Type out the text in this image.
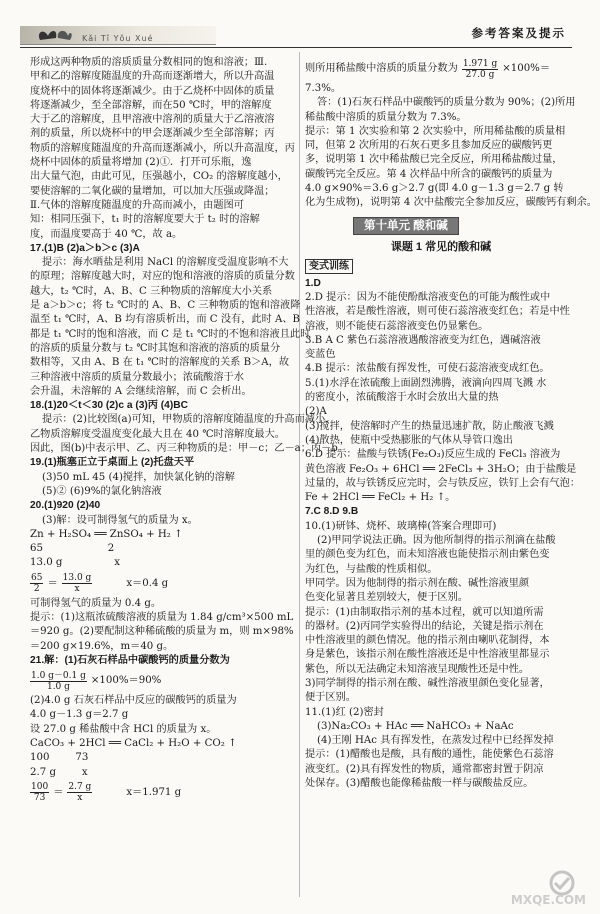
Kǎi Tǐ Yǒu Xué	参考答案及提示
形成这两种物质的溶质质量分数相同的饱和溶液；Ⅲ.
甲和乙的溶解度随温度的升高而逐渐增大，所以升高温
度烧杯中的固体将逐渐减少。由于乙烧杯中固体的质量
将逐渐减少，至全部溶解，而在50 ℃时，甲的溶解度
大于乙的溶解度，且甲溶液中溶剂的质量大于乙溶液溶
剂的质量，所以烧杯中的甲会逐渐减少至全部溶解；丙
物质的溶解度随温度的升高而逐渐减小，所以升高温度，丙
烧杯中固体的质量将增加 (2)①．打开可乐瓶，逸
出大量气泡，由此可见，压强越小，CO₂ 的溶解度越小，
要使溶解的二氧化碳的量增加，可以加大压强或降温；
Ⅱ.气体的溶解度随温度的升高而减小，由题图可
知：相同压强下，t₁ 时的溶解度要大于 t₂ 时的溶解
度，而温度要高于 40 ℃，故 a。
17.(1)B (2)a＞b＞c (3)A
提示：海水晒盐是利用 NaCl 的溶解度受温度影响不大
的原理；溶解度越大时，对应的饱和溶液的溶质的质量分数
越大，t₂ ℃时，A、B、C 三种物质的溶解度大小关系
是 a＞b＞c；将 t₂ ℃时的 A、B、C 三种物质的饱和溶液降
温至 t₁ ℃时，A、B 均有溶质析出，而 C 没有，此时 A、B
都是 t₁ ℃时的饱和溶液，而 C 是 t₁ ℃时的不饱和溶液且此时
的溶质的质量分数与 t₂ ℃时其饱和溶液的溶质的质量分
数相等，又由 A、B 在 t₁ ℃时的溶解度的关系 B＞A，故
三种溶液中溶质的质量分数最小；浓硫酸溶于水
会升温，未溶解的 A 会继续溶解，而 C 会析出。
18.(1)20＜t＜30 (2)c a (3)丙 (4)BC
提示：(2)比较图(a)可知，甲物质的溶解度随温度的升高而减小，
乙物质溶解度受温度变化最大且在 40 ℃时溶解度最大。
因此，图(b)中表示甲、乙、丙三种物质的是：甲－c；乙－a；丙－b。
19.(1)瓶塞正立于桌面上 (2)托盘天平
(3)50 mL 45 (4)搅拌，加快氯化钠的溶解
(5)② (6)9%的氯化钠溶液
20.(1)920 (2)40
(3)解：设可制得氢气的质量为 x。
Zn + H₂SO₄ ══ ZnSO₄ + H₂ ↑
65                    2
13.0 g                x
$\frac{65}{2} = \frac{13.0 g}{x}$	x＝0.4 g
可制得氢气的质量为 0.4 g。
提示：(1)这瓶浓硫酸溶液的质量为 1.84 g/cm³×500 mL
＝920 g。(2)要配制这种稀硫酸的质量为 m，则 m×98%
＝200 g×19.6%，m＝40 g。
21.解：(1)石灰石样品中碳酸钙的质量分数为
$\frac{1.0 g-0.1 g}{1.0 g} \times 100\%=90\%$
(2)4.0 g 石灰石样品中反应的碳酸钙的质量为
4.0 g－1.3 g＝2.7 g
设 27.0 g 稀盐酸中含 HCl 的质量为 x。
CaCO₃ + 2HCl ══ CaCl₂ + H₂O + CO₂ ↑
100        73
2.7 g        x
$\frac{100}{73} = \frac{2.7 g}{x}$	x＝1.971 g
则所用稀盐酸中溶质的质量分数为 $\frac{1.971 g}{27.0 g} \times 100\%=$
7.3%。
答：(1)石灰石样品中碳酸钙的质量分数为 90%；(2)所用
稀盐酸中溶质的质量分数为 7.3%。
提示：第 1 次实验和第 2 次实验中，所用稀盐酸的质量相
同，但第 2 次所用的石灰石更多且参加反应的碳酸钙更
多，说明第 1 次中稀盐酸已完全反应，所用稀盐酸过量，
碳酸钙完全反应。第 4 次样品中所含的碳酸钙的质量为
4.0 g×90%＝3.6 g＞2.7 g(即 4.0 g－1.3 g＝2.7 g 转
化为生成物)，说明第 4 次中盐酸完全参加反应，碳酸钙有剩余。
第十单元 酸和碱
课题 1 常见的酸和碱
变式训练
1.D
2.D 提示：因为不能使酚酞溶液变色的可能为酸性或中
性溶液，若是酸性溶液，则可使石蕊溶液变红色；若是中性
溶液，则不能使石蕊溶液变色仍显紫色。
3.B A C 紫色石蕊溶液遇酸溶液变为红色，遇碱溶液
变蓝色
4.B 提示：浓盐酸有挥发性，可使石蕊溶液变成红色。
5.(1)水浮在浓硫酸上面剧烈沸腾，液滴向四周飞溅 水
的密度小，浓硫酸溶于水时会放出大量的热
(2)A
(3)搅拌，使溶解时产生的热量迅速扩散，防止酸液飞溅
(4)散热，使瓶中受热膨胀的气体从导管口逸出
6.D 提示：盐酸与铁锈(Fe₂O₃)反应生成的 FeCl₃ 溶液为
黄色溶液 Fe₂O₃ + 6HCl ══ 2FeCl₃ + 3H₂O；由于盐酸是
过量的，故与铁锈反应完时，会与铁反应，铁钉上会有气泡：
Fe + 2HCl ══ FeCl₂ + H₂ ↑。
7.C 8.D 9.B
10.(1)研钵、烧杯、玻璃棒(答案合理即可)
(2)甲同学说法正确。因为他所制得的指示剂滴在盐酸
里的颜色变为红色，而未知溶液也能使指示剂由紫色变
为红色，与盐酸的性质相似。
甲同学。因为他制得的指示剂在酸、碱性溶液里颜
色变化显著且差别较大，便于区别。
提示：(1)由制取指示剂的基本过程，就可以知道所需
的器材。(2)丙同学实验得出的结论，关键是指示剂在
中性溶液里的颜色情况。他的指示剂由喇叭花制得，本
身是紫色，该指示剂在酸性溶液还是中性溶液里都显示
紫色，所以无法确定未知溶液呈现酸性还是中性。
3)同学制得的指示剂在酸、碱性溶液里颜色变化显著，
便于区别。
11.(1)红 (2)密封
(3)Na₂CO₃ + HAc ══ NaHCO₃ + NaAc
(4)王刚 HAc 具有挥发性，在蒸发过程中已经挥发掉
提示：(1)醋酸也是酸，具有酸的通性，能使紫色石蕊溶
液变红。(2)具有挥发性的物质，通常都密封置于阴凉
处保存。(3)醋酸也能像稀盐酸一样与碳酸盐反应。
MXQE.COM
